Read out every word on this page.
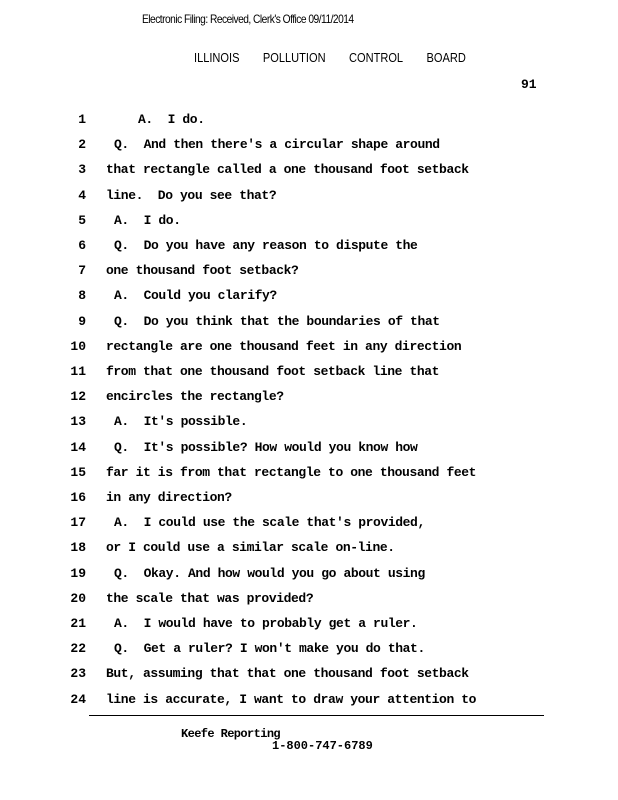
Electronic Filing: Received, Clerk's Office 09/11/2014
ILLINOIS POLLUTION CONTROL BOARD
91
1	A.  I do.
2 Q.  And then there's a circular shape around
3 that rectangle called a one thousand foot setback
4 line.  Do you see that?
5 A.  I do.
6 Q.  Do you have any reason to dispute the
7 one thousand foot setback?
8 A.  Could you clarify?
9 Q.  Do you think that the boundaries of that
10 rectangle are one thousand feet in any direction
11 from that one thousand foot setback line that
12 encircles the rectangle?
13 A.  It's possible.
14 Q.  It's possible? How would you know how
15 far it is from that rectangle to one thousand feet
16 in any direction?
17 A.  I could use the scale that's provided,
18 or I could use a similar scale on-line.
19 Q.  Okay. And how would you go about using
20 the scale that was provided?
21 A.  I would have to probably get a ruler.
22 Q.  Get a ruler? I won't make you do that.
23 But, assuming that that one thousand foot setback
24 line is accurate, I want to draw your attention to
Keefe Reporting
1-800-747-6789
